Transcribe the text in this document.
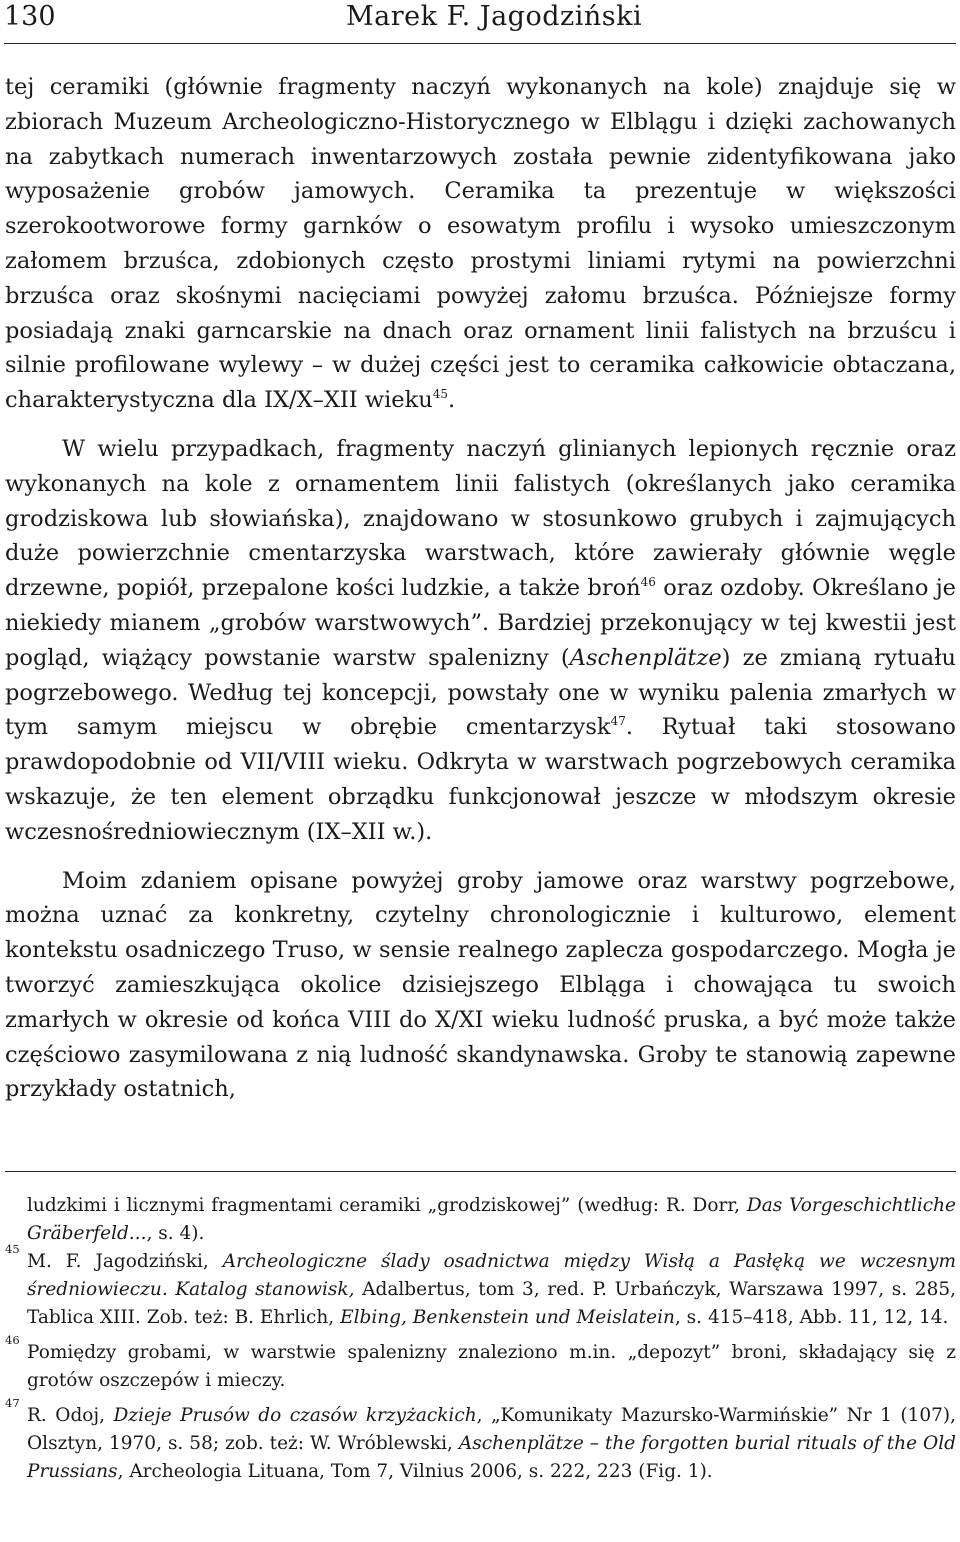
130	Marek F. Jagodziński

tej ceramiki (głównie fragmenty naczyń wykonanych na kole) znajduje się w zbiorach Muzeum Archeologiczno-Historycznego w Elblągu i dzięki zachowanych na zabytkach numerach inwentarzowych została pewnie zidentyfikowana jako wyposażenie grobów jamowych. Ceramika ta prezentuje w większości szerokootworowe formy garnków o esowatym profilu i wysoko umieszczonym załomem brzuśca, zdobionych często prostymi liniami rytymi na powierzchni brzuśca oraz skośnymi nacięciami powyżej załomu brzuśca. Późniejsze formy posiadają znaki garncarskie na dnach oraz ornament linii falistych na brzuścu i silnie profilowane wylewy – w dużej części jest to ceramika całkowicie obtaczana, charakterystyczna dla IX/X–XII wieku$^{45}$.

W wielu przypadkach, fragmenty naczyń glinianych lepionych ręcznie oraz wykonanych na kole z ornamentem linii falistych (określanych jako ceramika grodziskowa lub słowiańska), znajdowano w stosunkowo grubych i zajmujących duże powierzchnie cmentarzyska warstwach, które zawierały głównie węgle drzewne, popiół, przepalone kości ludzkie, a także broń$^{46}$ oraz ozdoby. Określano je niekiedy mianem „grobów warstwowych”. Bardziej przekonujący w tej kwestii jest pogląd, wiążący powstanie warstw spalenizny (Aschenplätze) ze zmianą rytuału pogrzebowego. Według tej koncepcji, powstały one w wyniku palenia zmarłych w tym samym miejscu w obrębie cmentarzysk$^{47}$. Rytuał taki stosowano prawdopodobnie od VII/VIII wieku. Odkryta w warstwach pogrzebowych ceramika wskazuje, że ten element obrządku funkcjonował jeszcze w młodszym okresie wczesnośredniowiecznym (IX–XII w.).

Moim zdaniem opisane powyżej groby jamowe oraz warstwy pogrzebowe, można uznać za konkretny, czytelny chronologicznie i kulturowo, element kontekstu osadniczego Truso, w sensie realnego zaplecza gospodarczego. Mogła je tworzyć zamieszkująca okolice dzisiejszego Elbląga i chowająca tu swoich zmarłych w okresie od końca VIII do X/XI wieku ludność pruska, a być może także częściowo zasymilowana z nią ludność skandynawska. Groby te stanowią zapewne przykłady ostatnich,

ludzkimi i licznymi fragmentami ceramiki „grodziskowej” (według: R. Dorr, Das Vorgeschichtliche Gräberfeld..., s. 4).

45
M. F. Jagodziński, Archeologiczne ślady osadnictwa między Wisłą a Pasłęką we wczesnym średniowieczu. Katalog stanowisk, Adalbertus, tom 3, red. P. Urbańczyk, Warszawa 1997, s. 285, Tablica XIII. Zob. też: B. Ehrlich, Elbing, Benkenstein und Meislatein, s. 415–418, Abb. 11, 12, 14.

46
Pomiędzy grobami, w warstwie spalenizny znaleziono m.in. „depozyt” broni, składający się z grotów oszczepów i mieczy.

47
R. Odoj, Dzieje Prusów do czasów krzyżackich, „Komunikaty Mazursko-Warmińskie” Nr 1 (107), Olsztyn, 1970, s. 58; zob. też: W. Wróblewski, Aschenplätze – the forgotten burial rituals of the Old Prussians, Archeologia Lituana, Tom 7, Vilnius 2006, s. 222, 223 (Fig. 1).
